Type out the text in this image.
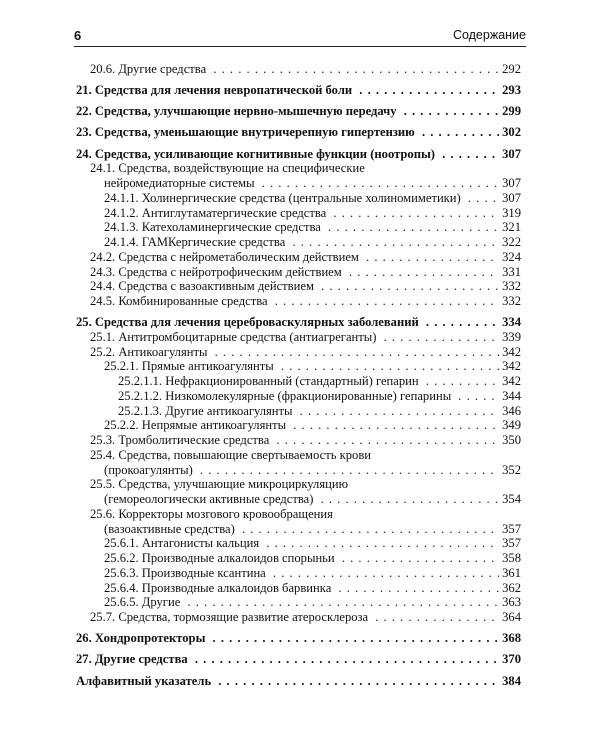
6	Содержание
20.6. Другие средства . . .	292
21. Средства для лечения невропатической боли . . .	293
22. Средства, улучшающие нервно-мышечную передачу . . .	299
23. Средства, уменьшающие внутричерепную гипертензию . . .	302
24. Средства, усиливающие когнитивные функции (ноотропы) . . .	307
24.1. Средства, воздействующие на специфические
нейромедиаторные системы . . .	307
24.1.1. Холинергические средства (центральные холиномиметики) . . .	307
24.1.2. Антиглутаматергические средства . . .	319
24.1.3. Катехоламинергические средства . . .	321
24.1.4. ГАМКергические средства . . .	322
24.2. Средства с нейрометаболическим действием . . .	324
24.3. Средства с нейротрофическим действием . . .	331
24.4. Средства с вазоактивным действием . . .	332
24.5. Комбинированные средства . . .	332
25. Средства для лечения цереброваскулярных заболеваний . . .	334
25.1. Антитромбоцитарные средства (антиагреганты) . . .	339
25.2. Антикоагулянты . . .	342
25.2.1. Прямые антикоагулянты . . .	342
25.2.1.1. Нефракционированный (стандартный) гепарин . . .	342
25.2.1.2. Низкомолекулярные (фракционированные) гепарины . . .	344
25.2.1.3. Другие антикоагулянты . . .	346
25.2.2. Непрямые антикоагулянты . . .	349
25.3. Тромболитические средства . . .	350
25.4. Средства, повышающие свертываемость крови
(прокоагулянты) . . .	352
25.5. Средства, улучшающие микроциркуляцию
(гемореологически активные средства) . . .	354
25.6. Корректоры мозгового кровообращения
(вазоактивные средства) . . .	357
25.6.1. Антагонисты кальция . . .	357
25.6.2. Производные алкалоидов спорыньи . . .	358
25.6.3. Производные ксантина . . .	361
25.6.4. Производные алкалоидов барвинка . . .	362
25.6.5. Другие . . .	363
25.7. Средства, тормозящие развитие атеросклероза . . .	364
26. Хондропротекторы . . .	368
27. Другие средства . . .	370
Алфавитный указатель . . .	384
